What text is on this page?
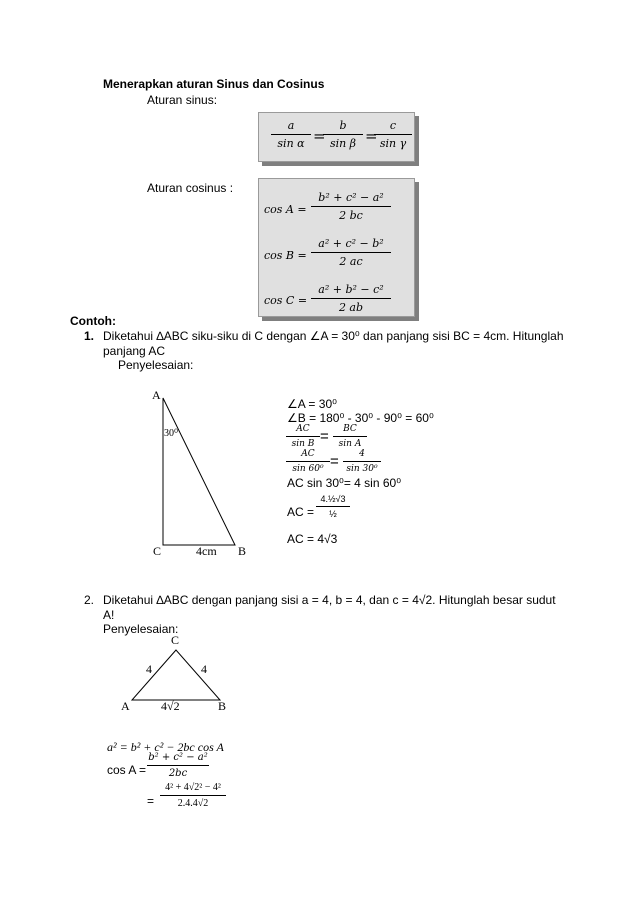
Menerapkan aturan Sinus dan Cosinus
Aturan sinus:
$\frac{a}{\text{sin α}}$ =
$\frac{b}{\text{sin β}}$ =
$\frac{c}{\text{sin γ}}$
Aturan cosinus :
$\cos A = \frac{\text{b² + c² − a²}}{2 bc}$
$\cos B = \frac{\text{a² + c² − b²}}{2 ac}$
$\cos C = \frac{\text{a² + b² − c²}}{2 ab}$
Contoh:
1. Diketahui ∆ABC siku-siku di C dengan ∠A = 30⁰ dan panjang sisi BC = 4cm. Hitunglah
panjang AC
Penyelesaian:
A
30⁰
C	4cm B
∠A = 30⁰
∠B = 180⁰ - 30⁰ - 90⁰ = 60⁰
$\frac{AC}{\text{sin B}} = \frac{BC}{\text{sin A}}$
$\frac{AC}{\text{sin 60⁰}} = \frac{4}{\text{sin 30⁰}}$
AC sin 30⁰= 4 sin 60⁰
AC =
4.½√3
½
AC = 4√3
2. Diketahui ∆ABC dengan panjang sisi a = 4, b = 4, dan c = 4√2. Hitunglah besar sudut
A!
Penyelesaian:
C
4	4
A	4√2	B
a² = b² + c² − 2bc cos A
$\cos A = \frac{\text{b² + c² − a²}}{2bc}$
= $\frac{\text{4² + 4√2² − 4²}}{2.4.4√2}$
